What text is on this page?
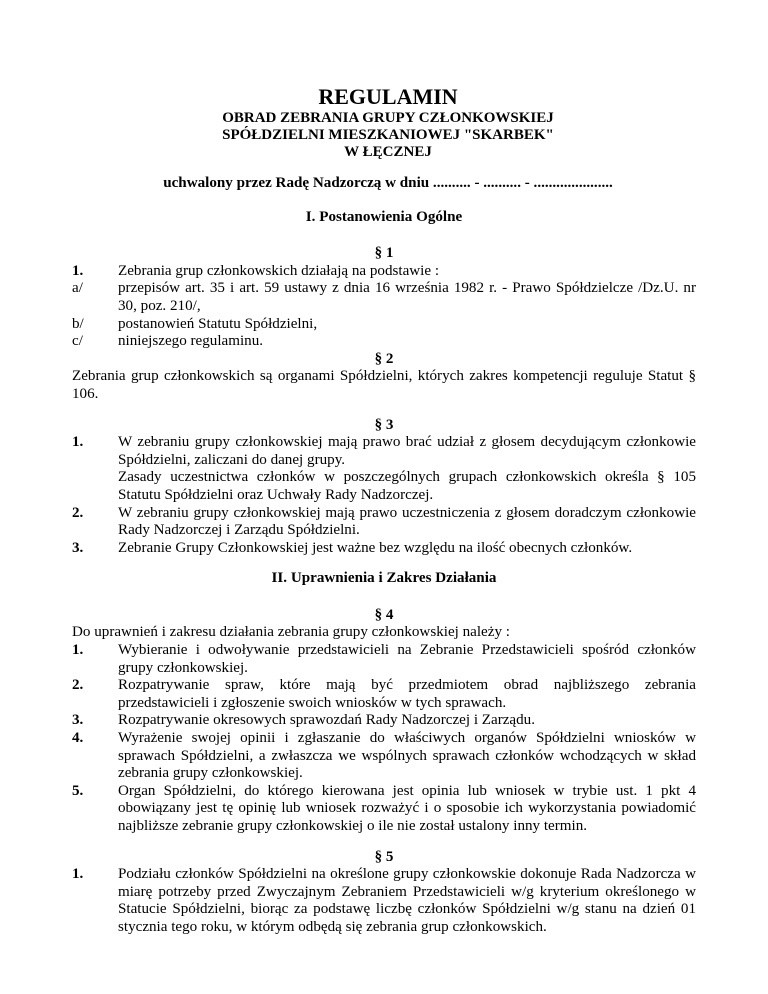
REGULAMIN
OBRAD ZEBRANIA GRUPY CZŁONKOWSKIEJ
SPÓŁDZIELNI MIESZKANIOWEJ "SKARBEK"
W ŁĘCZNEJ
uchwalony przez Radę Nadzorczą w dniu .......... - .......... - .....................
I. Postanowienia Ogólne
§ 1
1.	Zebrania grup członkowskich działają na podstawie :
a/	przepisów art. 35 i art. 59 ustawy z dnia 16 września 1982 r. - Prawo Spółdzielcze /Dz.U. nr 30, poz. 210/,
b/	postanowień Statutu Spółdzielni,
c/	niniejszego regulaminu.
§ 2
Zebrania grup członkowskich są organami Spółdzielni, których zakres kompetencji reguluje Statut § 106.
§ 3
1.	W zebraniu grupy członkowskiej mają prawo brać udział z głosem decydującym członkowie Spółdzielni, zaliczani do danej grupy.
Zasady uczestnictwa członków w poszczególnych grupach członkowskich określa § 105 Statutu Spółdzielni oraz Uchwały Rady Nadzorczej.
2.	W zebraniu grupy członkowskiej mają prawo uczestniczenia z głosem doradczym członkowie Rady Nadzorczej i Zarządu Spółdzielni.
3.	Zebranie Grupy Członkowskiej jest ważne bez względu na ilość obecnych członków.
II. Uprawnienia i Zakres Działania
§ 4
Do uprawnień i zakresu działania zebrania grupy członkowskiej należy :
1.	Wybieranie i odwoływanie przedstawicieli na Zebranie Przedstawicieli spośród członków grupy członkowskiej.
2.	Rozpatrywanie spraw, które mają być przedmiotem obrad najbliższego zebrania przedstawicieli i zgłoszenie swoich wniosków w tych sprawach.
3.	Rozpatrywanie okresowych sprawozdań Rady Nadzorczej i Zarządu.
4.	Wyrażenie swojej opinii i zgłaszanie do właściwych organów Spółdzielni wniosków w sprawach Spółdzielni, a zwłaszcza we wspólnych sprawach członków wchodzących w skład zebrania grupy członkowskiej.
5.	Organ Spółdzielni, do którego kierowana jest opinia lub wniosek w trybie ust. 1 pkt 4 obowiązany jest tę opinię lub wniosek rozważyć i o sposobie ich wykorzystania powiadomić najbliższe zebranie grupy członkowskiej o ile nie został ustalony inny termin.
§ 5
1.	Podziału członków Spółdzielni na określone grupy członkowskie dokonuje Rada Nadzorcza w miarę potrzeby przed Zwyczajnym Zebraniem Przedstawicieli w/g kryterium określonego w Statucie Spółdzielni, biorąc za podstawę liczbę członków Spółdzielni w/g stanu na dzień 01 stycznia tego roku, w którym odbędą się zebrania grup członkowskich.
